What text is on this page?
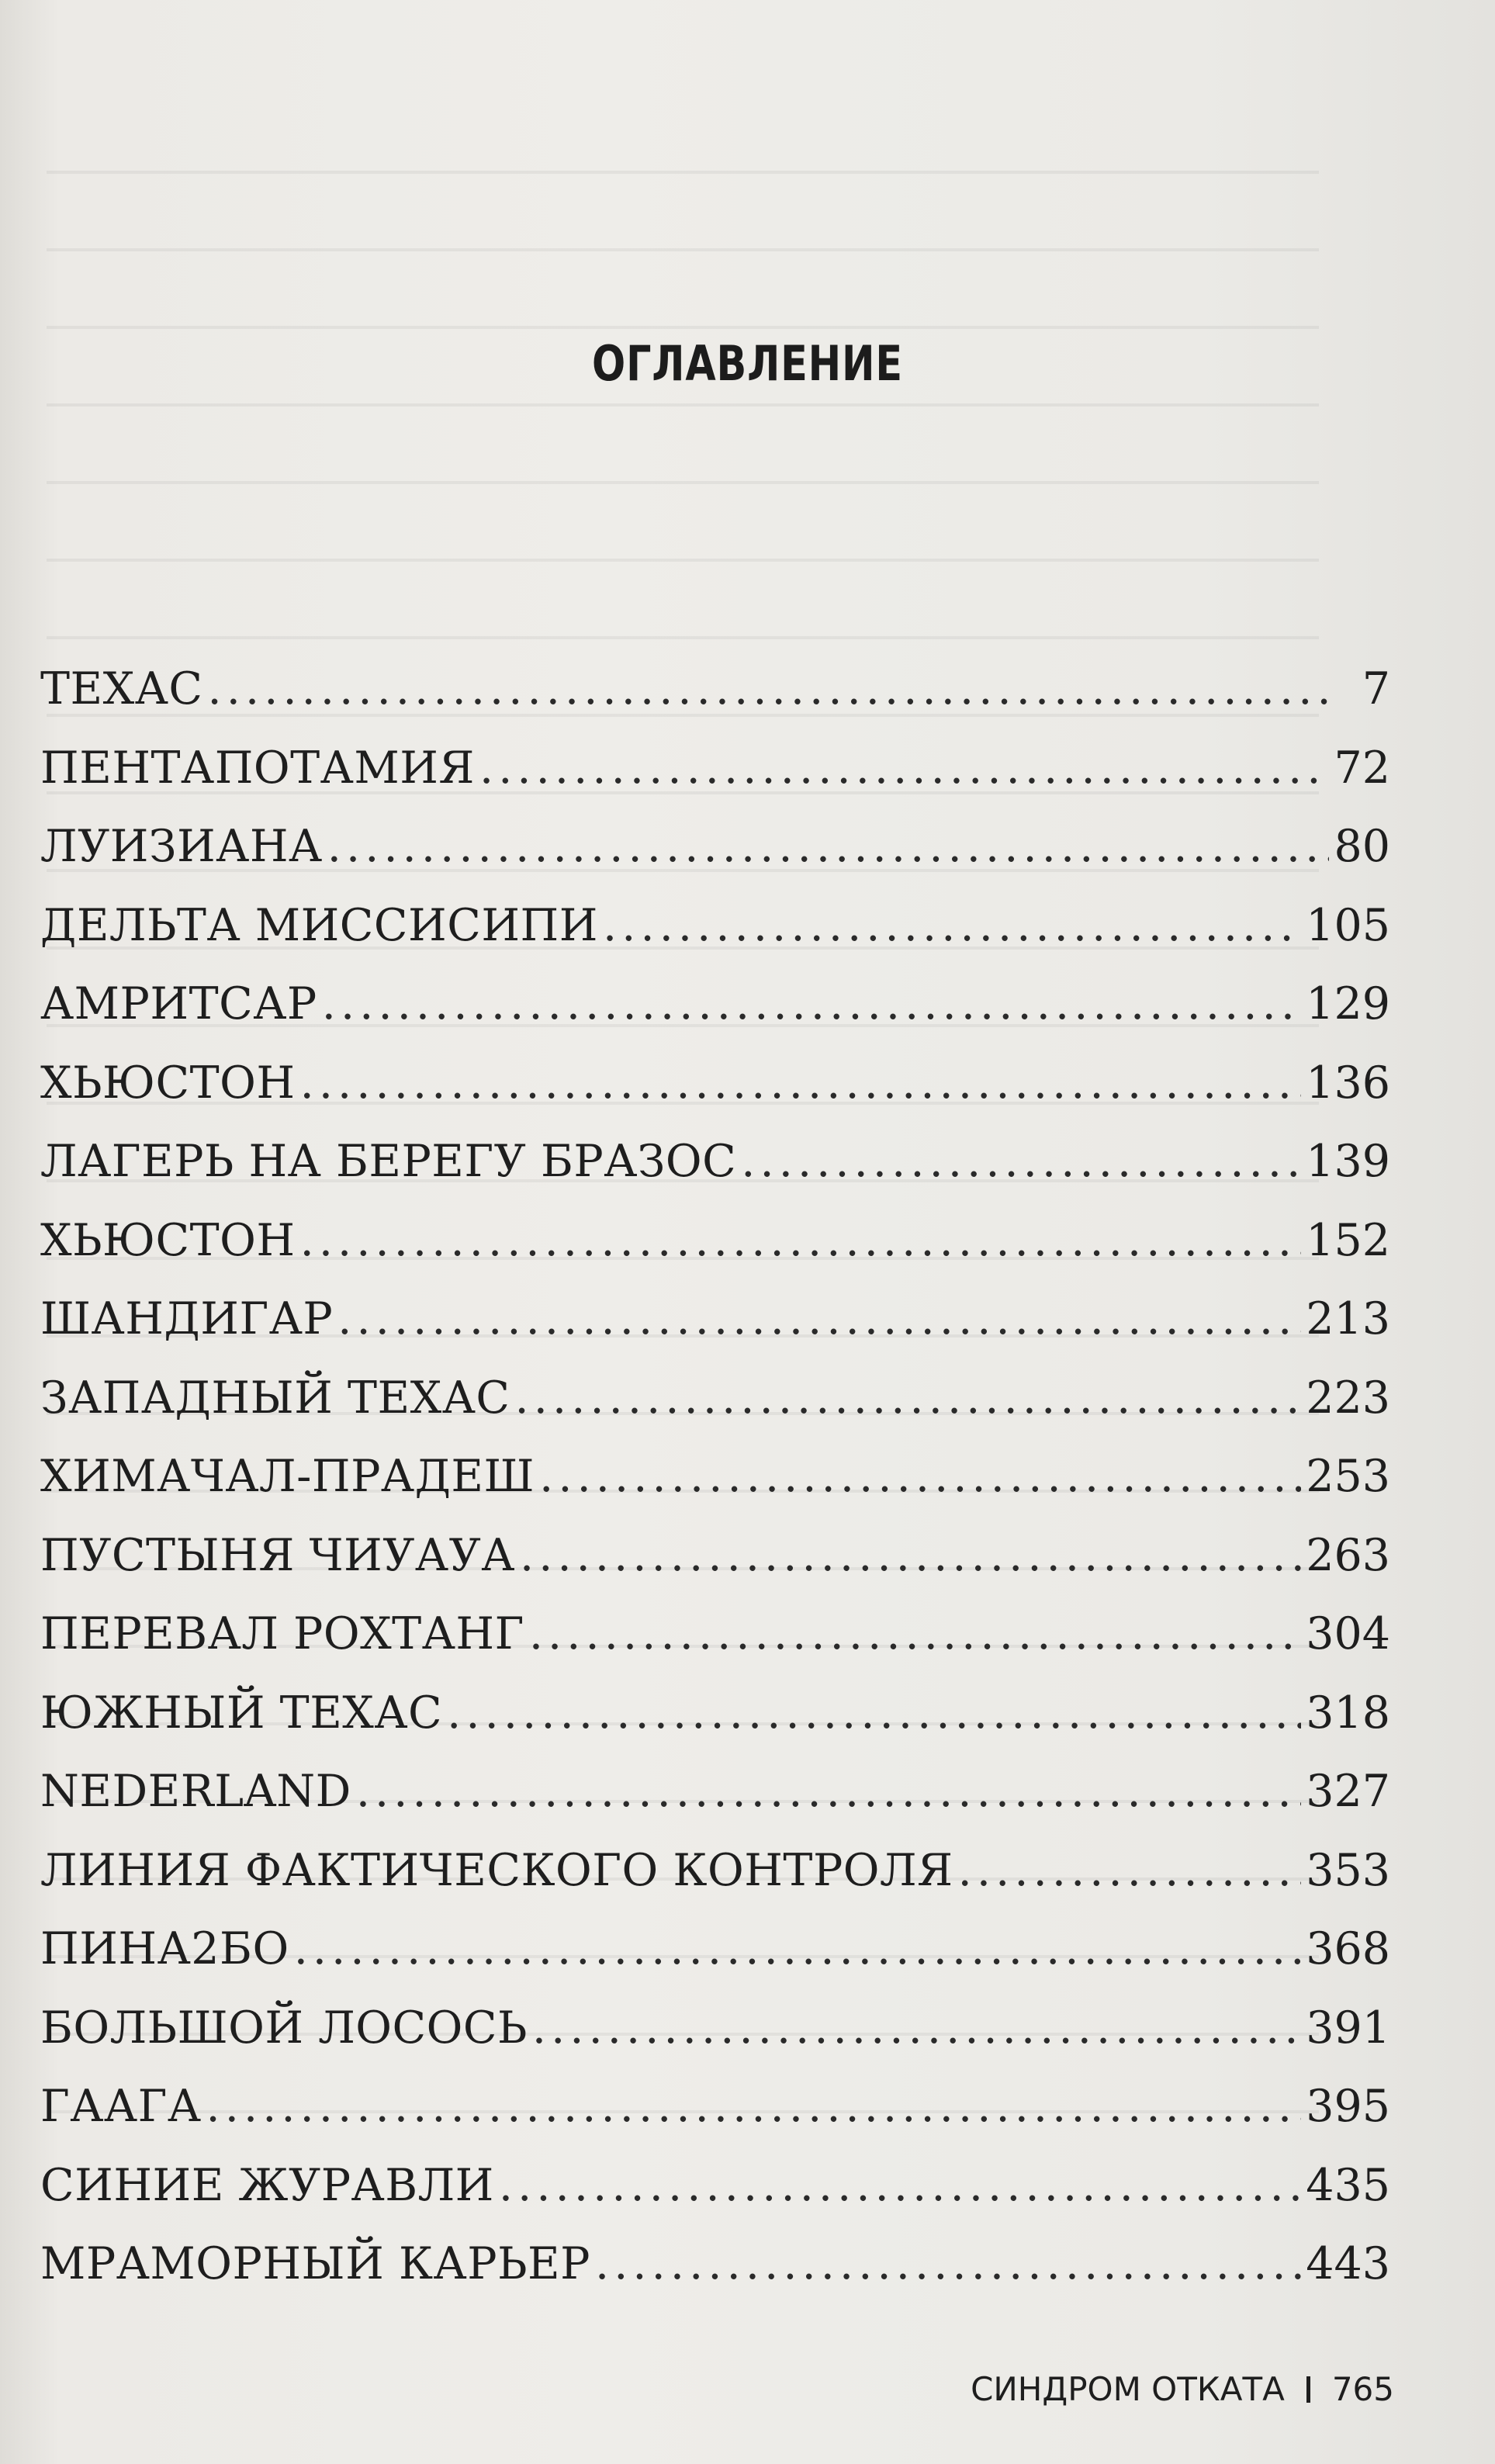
ОГЛАВЛЕНИЕ
ТЕХАС . . .	7
ПЕНТАПОТАМИЯ . . .	72
ЛУИЗИАНА . . .	80
ДЕЛЬТА МИССИСИПИ . . .	105
АМРИТСАР . . .	129
ХЬЮСТОН . . .	136
ЛАГЕРЬ НА БЕРЕГУ БРАЗОС . . .	139
ХЬЮСТОН . . .	152
ШАНДИГАР . . .	213
ЗАПАДНЫЙ ТЕХАС . . .	223
ХИМАЧАЛ-ПРАДЕШ . . .	253
ПУСТЫНЯ ЧИУАУА . . .	263
ПЕРЕВАЛ РОХТАНГ . . .	304
ЮЖНЫЙ ТЕХАС . . .	318
NEDERLAND . . .	327
ЛИНИЯ ФАКТИЧЕСКОГО КОНТРОЛЯ . . .	353
ПИНА2БО . . .	368
БОЛЬШОЙ ЛОСОСЬ . . .	391
ГААГА . . .	395
СИНИЕ ЖУРАВЛИ . . .	435
МРАМОРНЫЙ КАРЬЕР . . .	443
СИНДРОМ ОТКАТА 765
